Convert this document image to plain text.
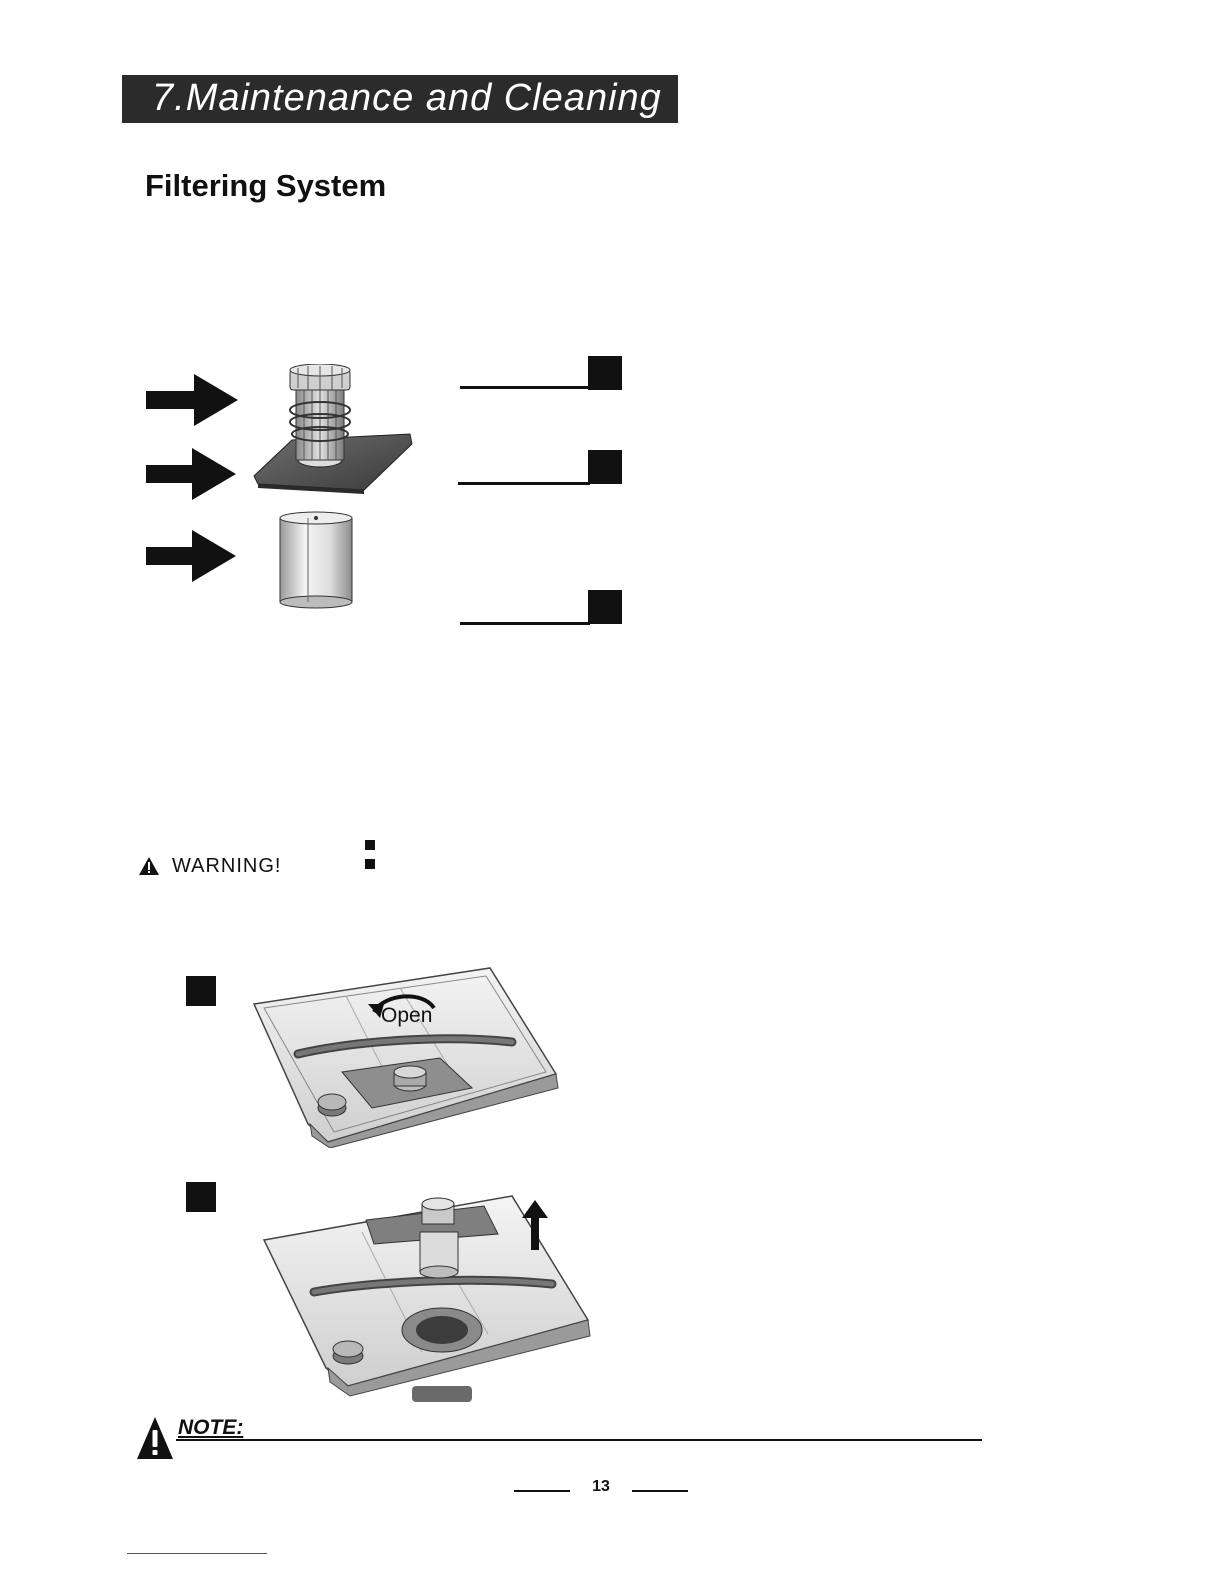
7.Maintenance and Cleaning
Filtering System
WARNING!
Open
NOTE:
13
